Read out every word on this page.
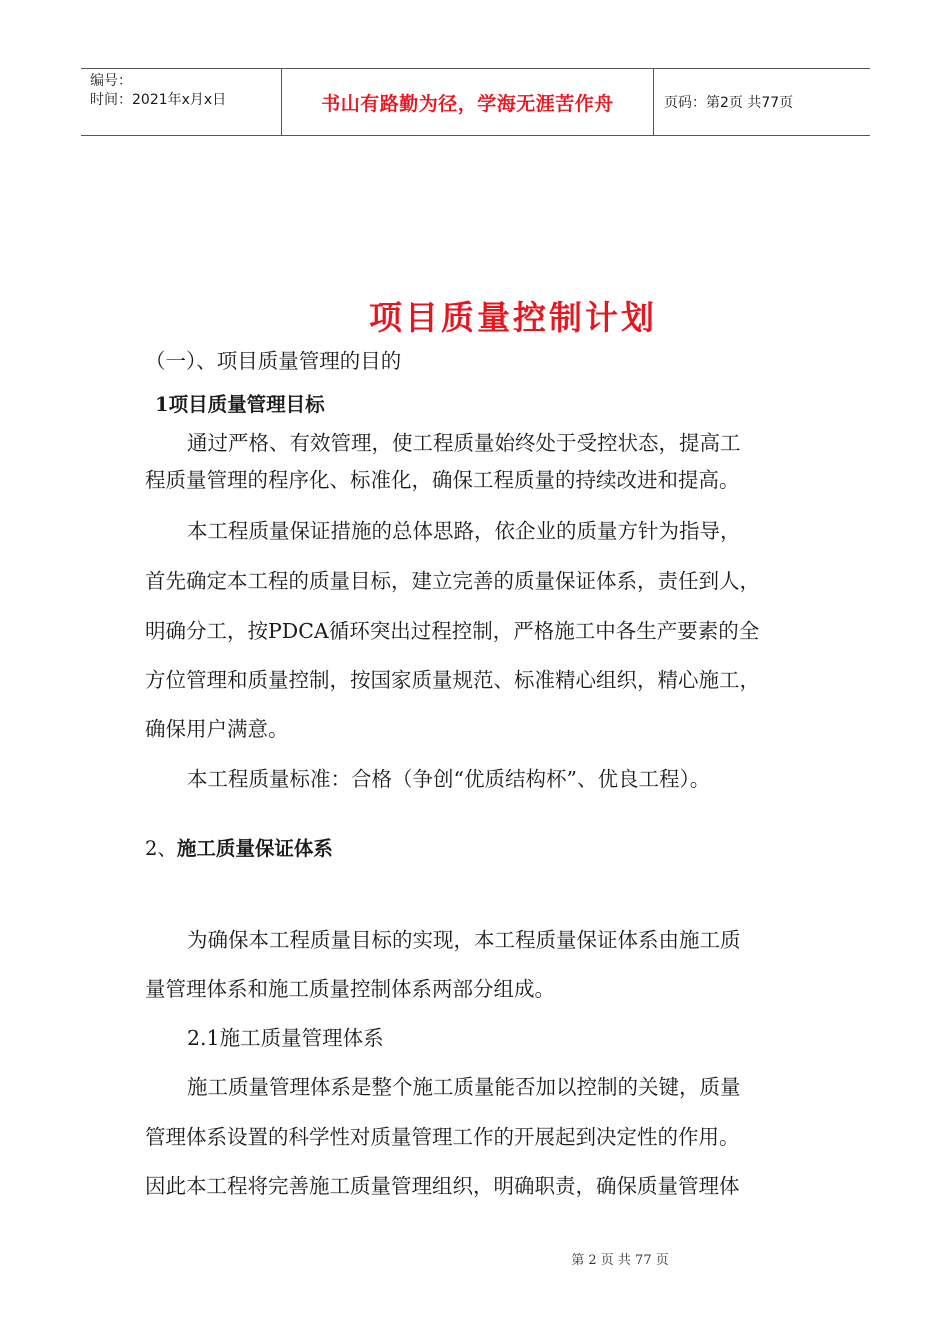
编号：
时间：2021年x月x日	书山有路勤为径，学海无涯苦作舟	页码：第2页 共77页
项目质量控制计划
（一）、项目质量管理的目的
1项目质量管理目标
通过严格、有效管理，使工程质量始终处于受控状态，提高工
程质量管理的程序化、标准化，确保工程质量的持续改进和提高。
本工程质量保证措施的总体思路，依企业的质量方针为指导，
首先确定本工程的质量目标，建立完善的质量保证体系，责任到人，
明确分工，按PDCA循环突出过程控制，严格施工中各生产要素的全
方位管理和质量控制，按国家质量规范、标准精心组织，精心施工，
确保用户满意。
本工程质量标准：合格（争创“优质结构杯”、优良工程）。
2、施工质量保证体系
为确保本工程质量目标的实现，本工程质量保证体系由施工质
量管理体系和施工质量控制体系两部分组成。
2.1施工质量管理体系
施工质量管理体系是整个施工质量能否加以控制的关键，质量
管理体系设置的科学性对质量管理工作的开展起到决定性的作用。
因此本工程将完善施工质量管理组织，明确职责，确保质量管理体
第 2 页 共 77 页
